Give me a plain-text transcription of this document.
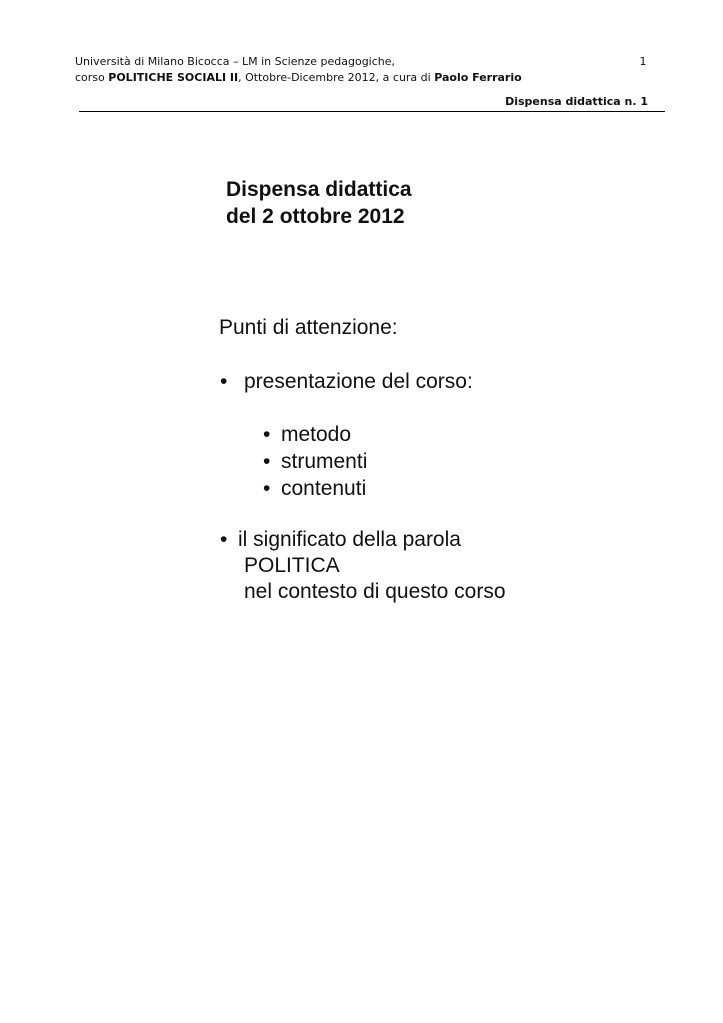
Università di Milano Bicocca – LM in Scienze pedagogiche,
corso POLITICHE SOCIALI II, Ottobre-Dicembre 2012, a cura di Paolo Ferrario
1
Dispensa didattica n. 1
Dispensa didattica
del 2 ottobre 2012
Punti di attenzione:
• presentazione del corso:
• metodo
• strumenti
• contenuti
• il significato della parola
POLITICA
nel contesto di questo corso
